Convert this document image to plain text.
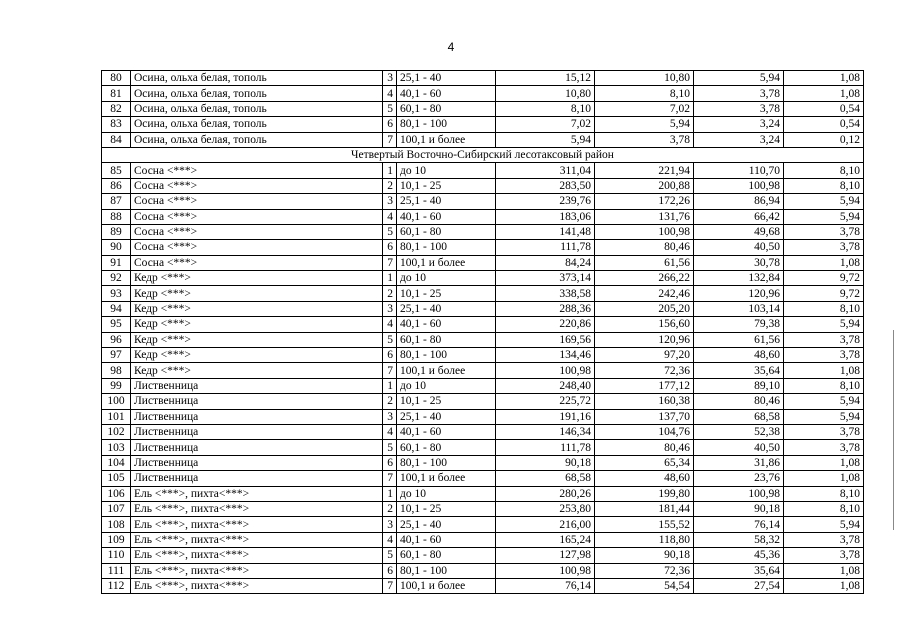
4
80	Осина, ольха белая, тополь	3	25,1 - 40	15,12	10,80	5,94	1,08
81	Осина, ольха белая, тополь	4	40,1 - 60	10,80	8,10	3,78	1,08
82	Осина, ольха белая, тополь	5	60,1 - 80	8,10	7,02	3,78	0,54
83	Осина, ольха белая, тополь	6	80,1 - 100	7,02	5,94	3,24	0,54
84	Осина, ольха белая, тополь	7	100,1 и более	5,94	3,78	3,24	0,12
Четвертый Восточно-Сибирский лесотаксовый район							
85	Сосна <***>	1	до 10	311,04	221,94	110,70	8,10
86	Сосна <***>	2	10,1 - 25	283,50	200,88	100,98	8,10
87	Сосна <***>	3	25,1 - 40	239,76	172,26	86,94	5,94
88	Сосна <***>	4	40,1 - 60	183,06	131,76	66,42	5,94
89	Сосна <***>	5	60,1 - 80	141,48	100,98	49,68	3,78
90	Сосна <***>	6	80,1 - 100	111,78	80,46	40,50	3,78
91	Сосна <***>	7	100,1 и более	84,24	61,56	30,78	1,08
92	Кедр <***>	1	до 10	373,14	266,22	132,84	9,72
93	Кедр <***>	2	10,1 - 25	338,58	242,46	120,96	9,72
94	Кедр <***>	3	25,1 - 40	288,36	205,20	103,14	8,10
95	Кедр <***>	4	40,1 - 60	220,86	156,60	79,38	5,94
96	Кедр <***>	5	60,1 - 80	169,56	120,96	61,56	3,78
97	Кедр <***>	6	80,1 - 100	134,46	97,20	48,60	3,78
98	Кедр <***>	7	100,1 и более	100,98	72,36	35,64	1,08
99	Лиственница	1	до 10	248,40	177,12	89,10	8,10
100	Лиственница	2	10,1 - 25	225,72	160,38	80,46	5,94
101	Лиственница	3	25,1 - 40	191,16	137,70	68,58	5,94
102	Лиственница	4	40,1 - 60	146,34	104,76	52,38	3,78
103	Лиственница	5	60,1 - 80	111,78	80,46	40,50	3,78
104	Лиственница	6	80,1 - 100	90,18	65,34	31,86	1,08
105	Лиственница	7	100,1 и более	68,58	48,60	23,76	1,08
106	Ель <***>, пихта<***>	1	до 10	280,26	199,80	100,98	8,10
107	Ель <***>, пихта<***>	2	10,1 - 25	253,80	181,44	90,18	8,10
108	Ель <***>, пихта<***>	3	25,1 - 40	216,00	155,52	76,14	5,94
109	Ель <***>, пихта<***>	4	40,1 - 60	165,24	118,80	58,32	3,78
110	Ель <***>, пихта<***>	5	60,1 - 80	127,98	90,18	45,36	3,78
111	Ель <***>, пихта<***>	6	80,1 - 100	100,98	72,36	35,64	1,08
112	Ель <***>, пихта<***>	7	100,1 и более	76,14	54,54	27,54	1,08
